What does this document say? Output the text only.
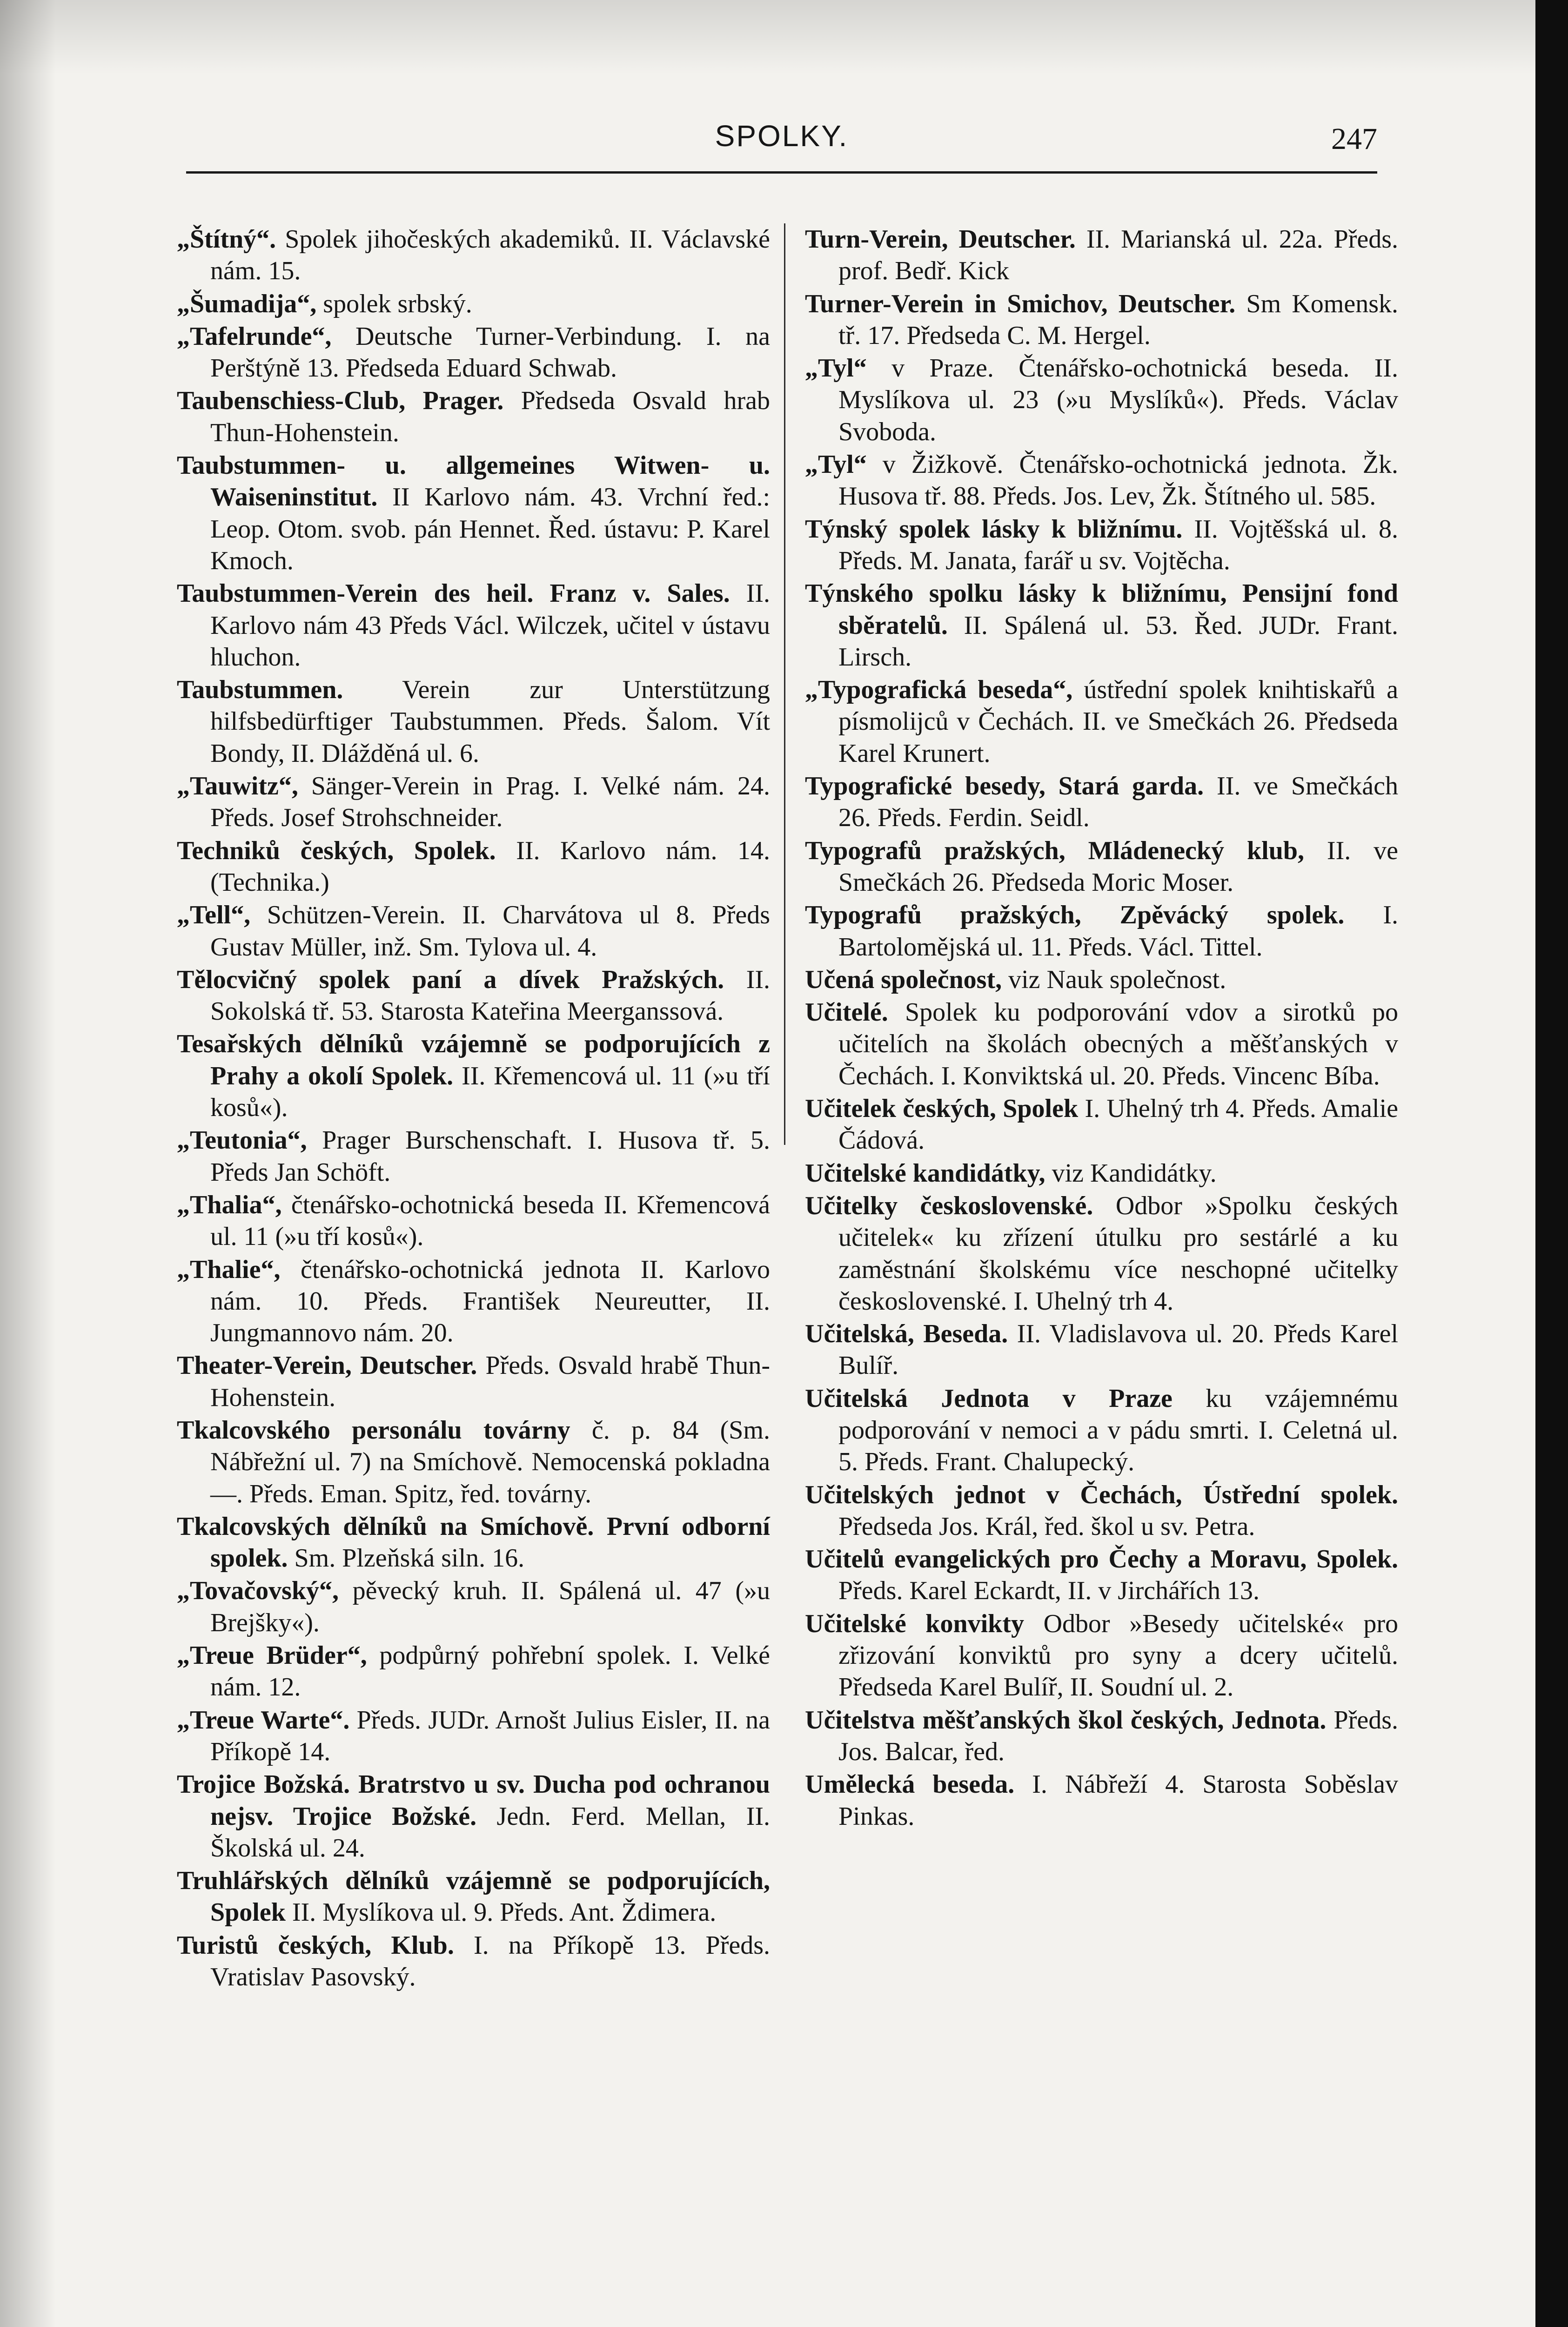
SPOLKY.	247

„Štítný“. Spolek jihočeských akademiků. II. Václavské nám. 15.

„Šumadija“, spolek srbský.

„Tafelrunde“, Deutsche Turner-Verbindung. I. na Perštýně 13. Předseda Eduard Schwab.

Taubenschiess-Club, Prager. Předseda Osvald hrab Thun-Hohenstein.

Taubstummen- u. allgemeines Witwen- u. Waiseninstitut. II Karlovo nám. 43. Vrchní řed.: Leop. Otom. svob. pán Hennet. Řed. ústavu: P. Karel Kmoch.

Taubstummen-Verein des heil. Franz v. Sales. II. Karlovo nám 43 Předs Václ. Wilczek, učitel v ústavu hluchon.

Taubstummen. Verein zur Unterstützung hilfsbedürftiger Taubstummen. Předs. Šalom. Vít Bondy, II. Dlážděná ul. 6.

„Tauwitz“, Sänger-Verein in Prag. I. Velké nám. 24. Předs. Josef Strohschneider.

Techniků českých, Spolek. II. Karlovo nám. 14. (Technika.)

„Tell“, Schützen-Verein. II. Charvátova ul 8. Předs Gustav Müller, inž. Sm. Tylova ul. 4.

Tělocvičný spolek paní a dívek Pražských. II. Sokolská tř. 53. Starosta Kateřina Meerganssová.

Tesařských dělníků vzájemně se podporujících z Prahy a okolí Spolek. II. Křemencová ul. 11 (»u tří kosů«).

„Teutonia“, Prager Burschenschaft. I. Husova tř. 5. Předs Jan Schöft.

„Thalia“, čtenářsko-ochotnická beseda II. Křemencová ul. 11 (»u tří kosů«).

„Thalie“, čtenářsko-ochotnická jednota II. Karlovo nám. 10. Předs. František Neureutter, II. Jungmannovo nám. 20.

Theater-Verein, Deutscher. Předs. Osvald hrabě Thun-Hohenstein.

Tkalcovského personálu továrny č. p. 84 (Sm. Nábřežní ul. 7) na Smíchově. Nemocenská pokladna —. Předs. Eman. Spitz, řed. továrny.

Tkalcovských dělníků na Smíchově. První odborní spolek. Sm. Plzeňská siln. 16.

„Tovačovský“, pěvecký kruh. II. Spálená ul. 47 (»u Brejšky«).

„Treue Brüder“, podpůrný pohřební spolek. I. Velké nám. 12.

„Treue Warte“. Předs. JUDr. Arnošt Julius Eisler, II. na Příkopě 14.

Trojice Božská. Bratrstvo u sv. Ducha pod ochranou nejsv. Trojice Božské. Jedn. Ferd. Mellan, II. Školská ul. 24.

Truhlářských dělníků vzájemně se podporujících, Spolek II. Myslíkova ul. 9. Předs. Ant. Ždimera.

Turistů českých, Klub. I. na Příkopě 13. Předs. Vratislav Pasovský.

Turn-Verein, Deutscher. II. Marianská ul. 22a. Předs. prof. Bedř. Kick

Turner-Verein in Smichov, Deutscher. Sm Komensk. tř. 17. Předseda C. M. Hergel.

„Tyl“ v Praze. Čtenářsko-ochotnická beseda. II. Myslíkova ul. 23 (»u Myslíků«). Předs. Václav Svoboda.

„Tyl“ v Žižkově. Čtenářsko-ochotnická jednota. Žk. Husova tř. 88. Předs. Jos. Lev, Žk. Štítného ul. 585.

Týnský spolek lásky k bližnímu. II. Vojtěšská ul. 8. Předs. M. Janata, farář u sv. Vojtěcha.

Týnského spolku lásky k bližnímu, Pensijní fond sběratelů. II. Spálená ul. 53. Řed. JUDr. Frant. Lirsch.

„Typografická beseda“, ústřední spolek knihtiskařů a písmolijců v Čechách. II. ve Smečkách 26. Předseda Karel Krunert.

Typografické besedy, Stará garda. II. ve Smečkách 26. Předs. Ferdin. Seidl.

Typografů pražských, Mládenecký klub, II. ve Smečkách 26. Předseda Moric Moser.

Typografů pražských, Zpěvácký spolek. I. Bartolomějská ul. 11. Předs. Václ. Tittel.

Učená společnost, viz Nauk společnost.

Učitelé. Spolek ku podporování vdov a sirotků po učitelích na školách obecných a měšťanských v Čechách. I. Konviktská ul. 20. Předs. Vincenc Bíba.

Učitelek českých, Spolek I. Uhelný trh 4. Předs. Amalie Čádová.

Učitelské kandidátky, viz Kandidátky.

Učitelky československé. Odbor »Spolku českých učitelek« ku zřízení útulku pro sestárlé a ku zaměstnání školskému více neschopné učitelky československé. I. Uhelný trh 4.

Učitelská, Beseda. II. Vladislavova ul. 20. Předs Karel Bulíř.

Učitelská Jednota v Praze ku vzájemnému podporování v nemoci a v pádu smrti. I. Celetná ul. 5. Předs. Frant. Chalupecký.

Učitelských jednot v Čechách, Ústřední spolek. Předseda Jos. Král, řed. škol u sv. Petra.

Učitelů evangelických pro Čechy a Moravu, Spolek. Předs. Karel Eckardt, II. v Jirchářích 13.

Učitelské konvikty Odbor »Besedy učitelské« pro zřizování konviktů pro syny a dcery učitelů. Předseda Karel Bulíř, II. Soudní ul. 2.

Učitelstva měšťanských škol českých, Jednota. Předs. Jos. Balcar, řed.

Umělecká beseda. I. Nábřeží 4. Starosta Soběslav Pinkas.
